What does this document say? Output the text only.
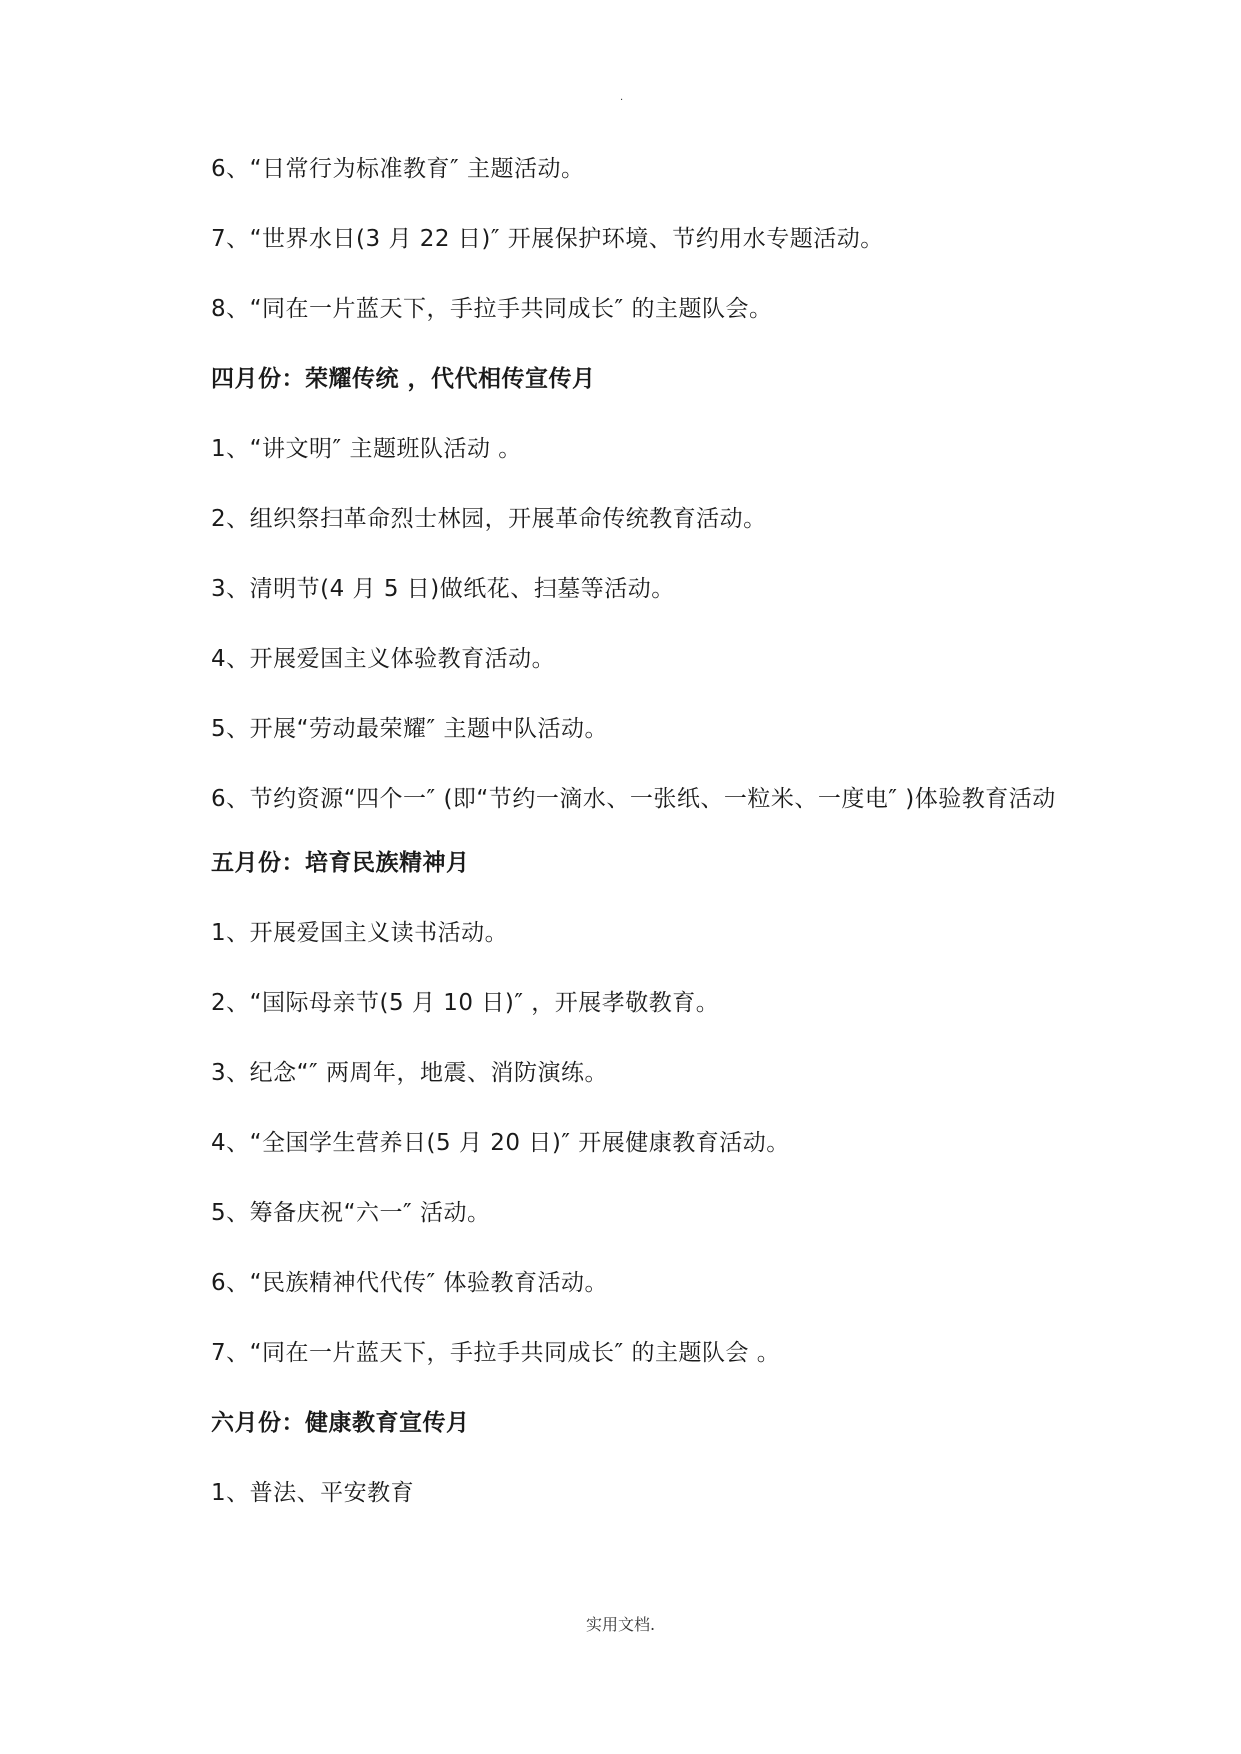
.
6、“日常行为标准教育″ 主题活动。
7、“世界水日(3 月 22 日)″ 开展保护环境、节约用水专题活动。
8、“同在一片蓝天下，手拉手共同成长″ 的主题队会。
四月份：荣耀传统 ，代代相传宣传月
1、“讲文明″ 主题班队活动 。
2、组织祭扫革命烈士林园，开展革命传统教育活动。
3、清明节(4 月 5 日)做纸花、扫墓等活动。
4、开展爱国主义体验教育活动。
5、开展“劳动最荣耀″ 主题中队活动。
6、节约资源“四个一″ (即“节约一滴水、一张纸、一粒米、一度电″ )体验教育活动
五月份：培育民族精神月
1、开展爱国主义读书活动。
2、“国际母亲节(5 月 10 日)″ ，开展孝敬教育。
3、纪念“″ 两周年，地震、消防演练。
4、“全国学生营养日(5 月 20 日)″ 开展健康教育活动。
5、筹备庆祝“六一″ 活动。
6、“民族精神代代传″ 体验教育活动。
7、“同在一片蓝天下，手拉手共同成长″ 的主题队会 。
六月份：健康教育宣传月
1、普法、平安教育
实用文档.
